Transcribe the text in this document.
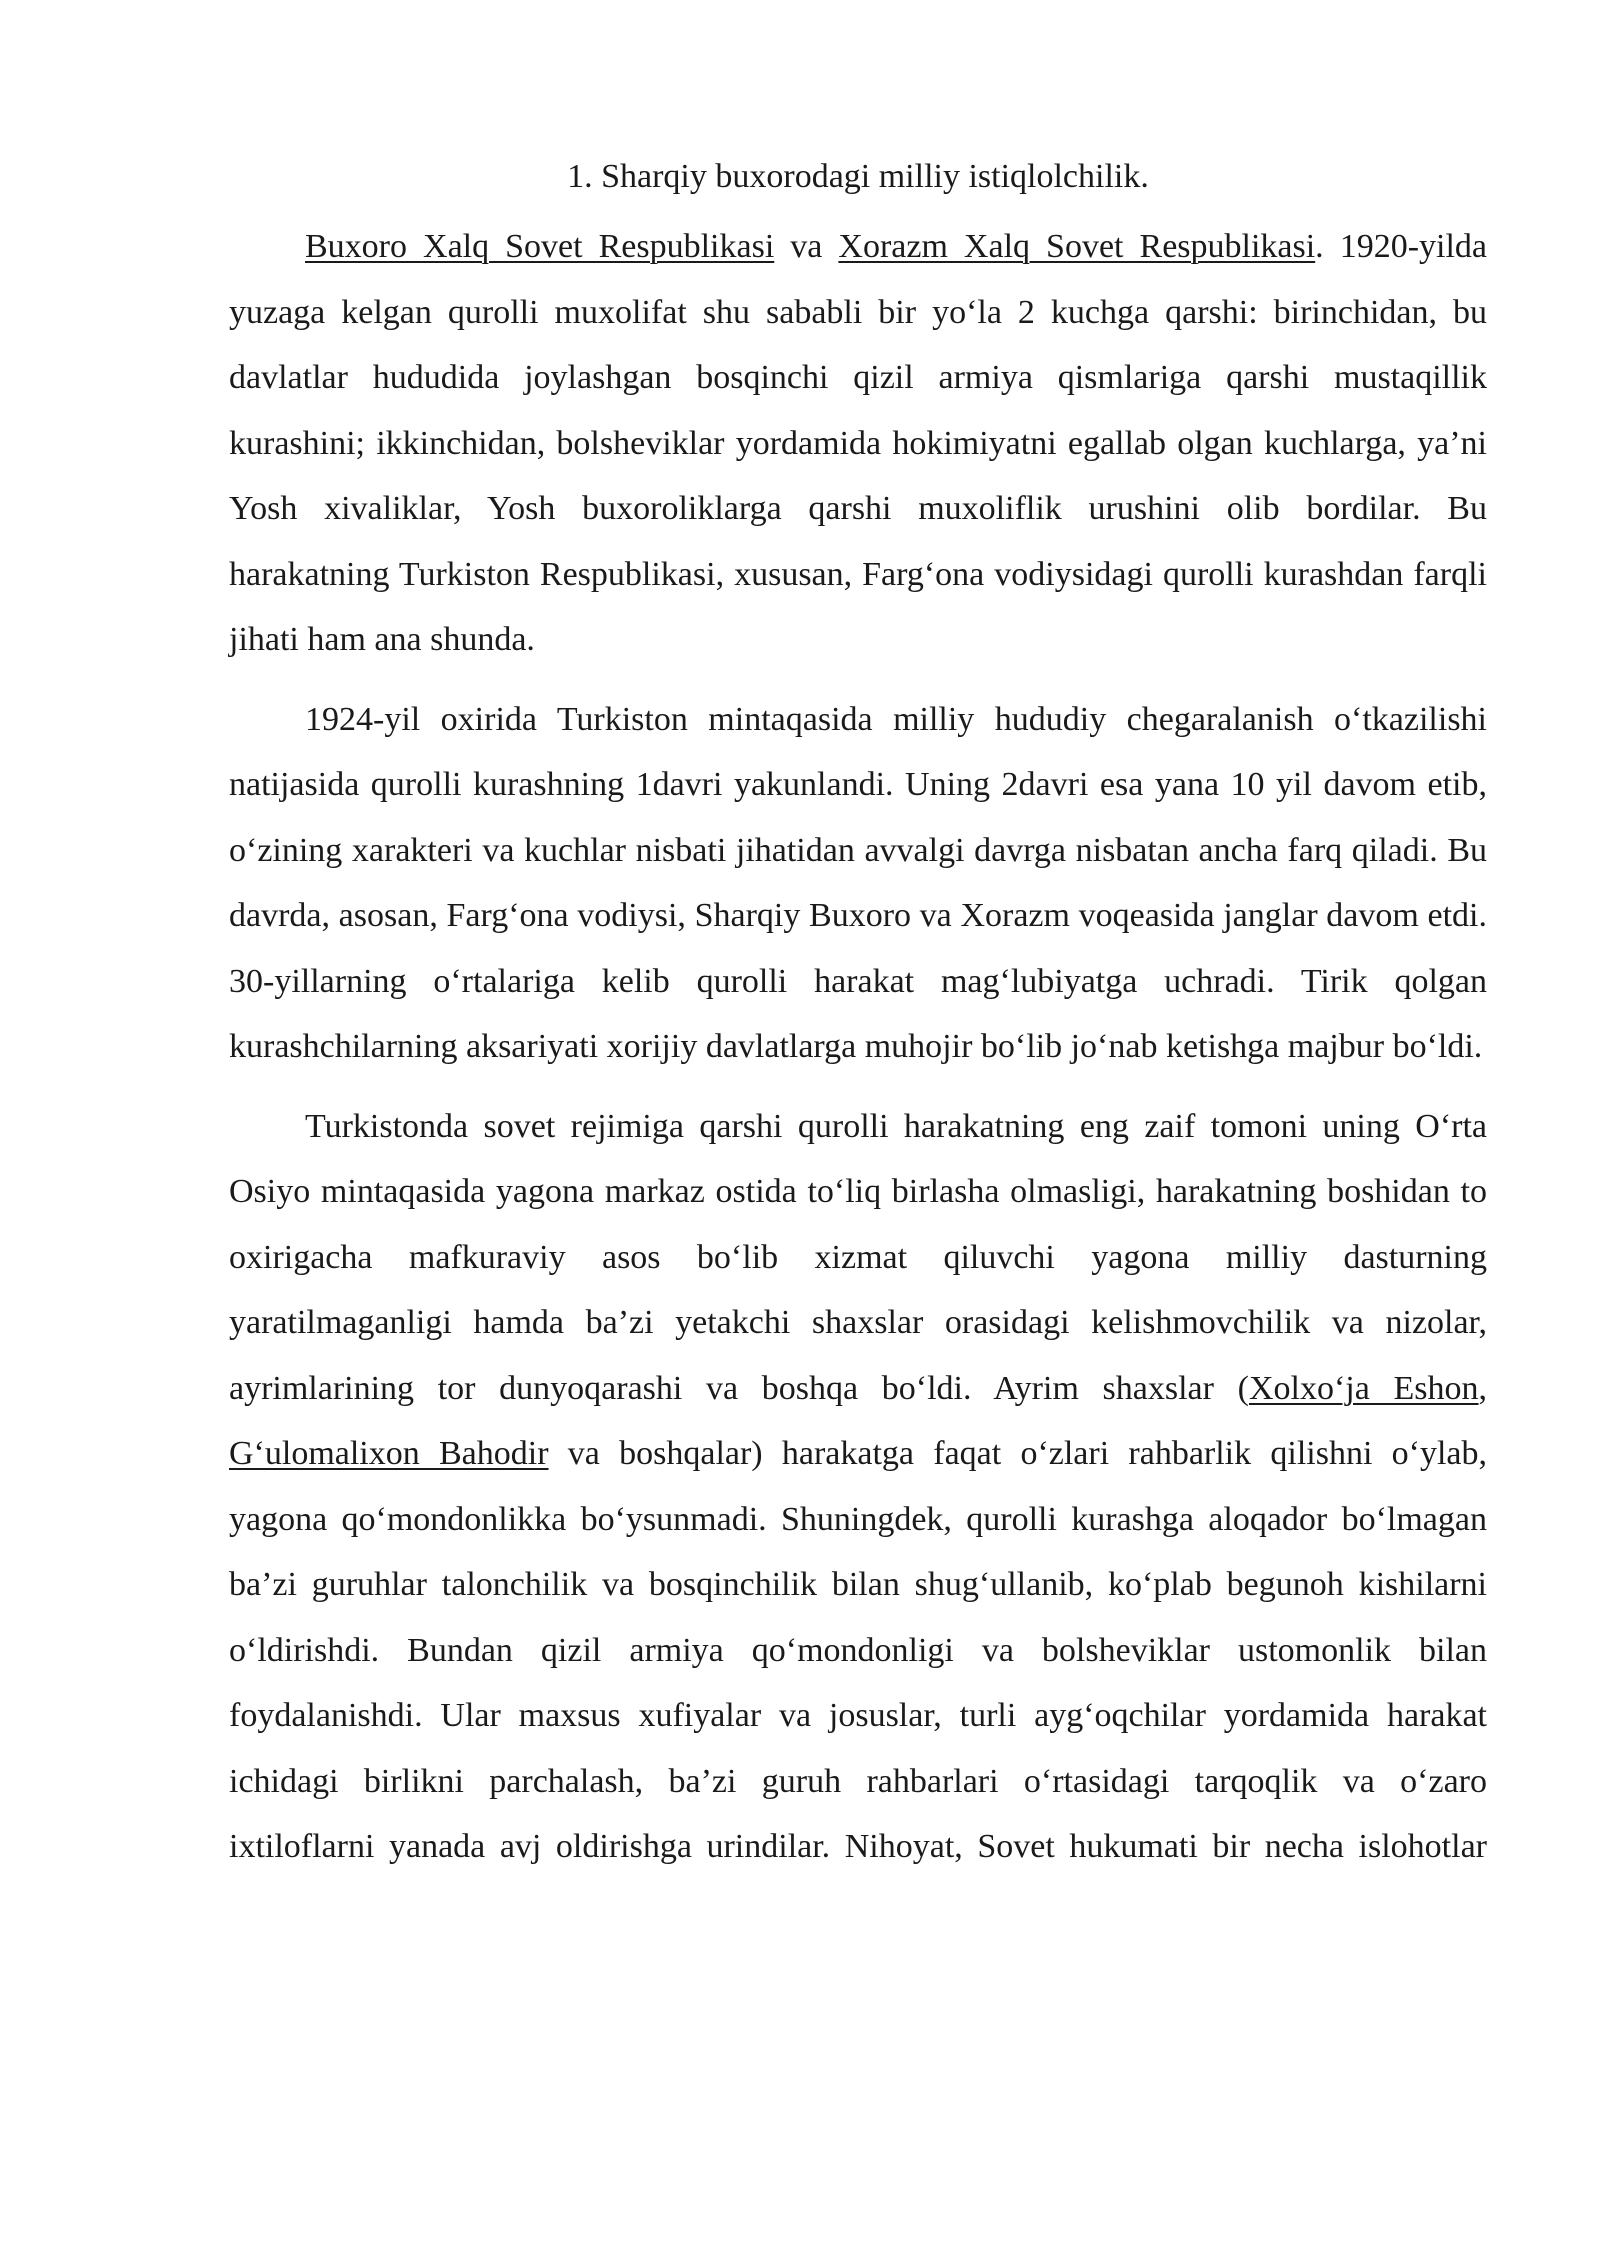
1. Sharqiy buxorodagi milliy istiqlolchilik.

Buxoro Xalq Sovet Respublikasi va Xorazm Xalq Sovet Respublikasi. 1920-yilda yuzaga kelgan qurolli muxolifat shu sababli bir yo‘la 2 kuchga qarshi: birinchidan, bu davlatlar hududida joylashgan bosqinchi qizil armiya qismlariga qarshi mustaqillik kurashini; ikkinchidan, bolsheviklar yordamida hokimiyatni egallab olgan kuchlarga, ya’ni Yosh xivaliklar, Yosh buxoroliklarga qarshi muxoliflik urushini olib bordilar. Bu harakatning Turkiston Respublikasi, xususan, Farg‘ona vodiysidagi qurolli kurashdan farqli jihati ham ana shunda.

1924-yil oxirida Turkiston mintaqasida milliy hududiy chegaralanish o‘tkazilishi natijasida qurolli kurashning 1davri yakunlandi. Uning 2davri esa yana 10 yil davom etib, o‘zining xarakteri va kuchlar nisbati jihatidan avvalgi davrga nisbatan ancha farq qiladi. Bu davrda, asosan, Farg‘ona vodiysi, Sharqiy Buxoro va Xorazm voqeasida janglar davom etdi. 30-yillarning o‘rtalariga kelib qurolli harakat mag‘lubiyatga uchradi. Tirik qolgan kurashchilarning aksariyati xorijiy davlatlarga muhojir bo‘lib jo‘nab ketishga majbur bo‘ldi.

Turkistonda sovet rejimiga qarshi qurolli harakatning eng zaif tomoni uning O‘rta Osiyo mintaqasida yagona markaz ostida to‘liq birlasha olmasligi, harakatning boshidan to oxirigacha mafkuraviy asos bo‘lib xizmat qiluvchi yagona milliy dasturning yaratilmaganligi hamda ba’zi yetakchi shaxslar orasidagi kelishmovchilik va nizolar, ayrimlarining tor dunyoqarashi va boshqa bo‘ldi. Ayrim shaxslar (Xolxo‘ja Eshon, G‘ulomalixon Bahodir va boshqalar) harakatga faqat o‘zlari rahbarlik qilishni o‘ylab, yagona qo‘mondonlikka bo‘ysunmadi. Shuningdek, qurolli kurashga aloqador bo‘lmagan ba’zi guruhlar talonchilik va bosqinchilik bilan shug‘ullanib, ko‘plab begunoh kishilarni o‘ldirishdi. Bundan qizil armiya qo‘mondonligi va bolsheviklar ustomonlik bilan foydalanishdi. Ular maxsus xufiyalar va josuslar, turli ayg‘oqchilar yordamida harakat ichidagi birlikni parchalash, ba’zi guruh rahbarlari o‘rtasidagi tarqoqlik va o‘zaro ixtiloflarni yanada avj oldirishga urindilar. Nihoyat, Sovet hukumati bir necha islohotlar
